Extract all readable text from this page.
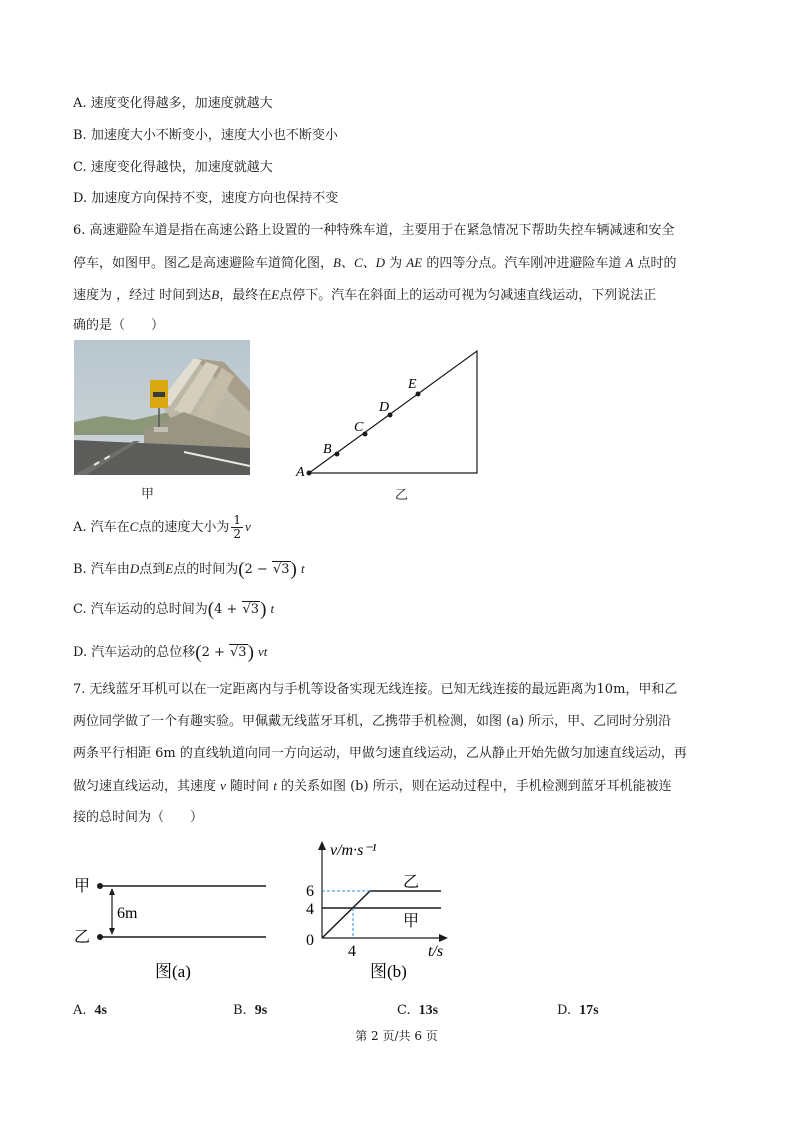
A. 速度变化得越多，加速度就越大
B. 加速度大小不断变小，速度大小也不断变小
C. 速度变化得越快，加速度就越大
D. 加速度方向保持不变，速度方向也保持不变
6. 高速避险车道是指在高速公路上设置的一种特殊车道，主要用于在紧急情况下帮助失控车辆减速和安全
停车，如图甲。图乙是高速避险车道简化图，B、C、D 为 AE 的四等分点。汽车刚冲进避险车道 A 点时的
速度为 ，经过 时间到达B，最终在E点停下。汽车在斜面上的运动可视为匀减速直线运动，下列说法正
确的是（　　）
甲
A
B
C
D
E
乙
A. 汽车在C点的速度大小为 $\frac{1}{2}$ v
B. 汽车由D点到E点的时间为(2 − √3) t
C. 汽车运动的总时间为(4 + √3) t
D. 汽车运动的总位移(2 + √3) vt
7. 无线蓝牙耳机可以在一定距离内与手机等设备实现无线连接。已知无线连接的最远距离为10m，甲和乙
两位同学做了一个有趣实验。甲佩戴无线蓝牙耳机，乙携带手机检测，如图 (a) 所示，甲、乙同时分别沿
两条平行相距 6m 的直线轨道向同一方向运动，甲做匀速直线运动，乙从静止开始先做匀加速直线运动，再
做匀速直线运动，其速度 v 随时间 t 的关系如图 (b) 所示，则在运动过程中，手机检测到蓝牙耳机能被连
接的总时间为（　　）
甲
乙
6m
图(a)
v/m·s⁻¹
6
4
0
4	t/s
乙
甲
图(b)
A. 4s	B. 9s	C. 13s	D. 17s
第 2 页/共 6 页
